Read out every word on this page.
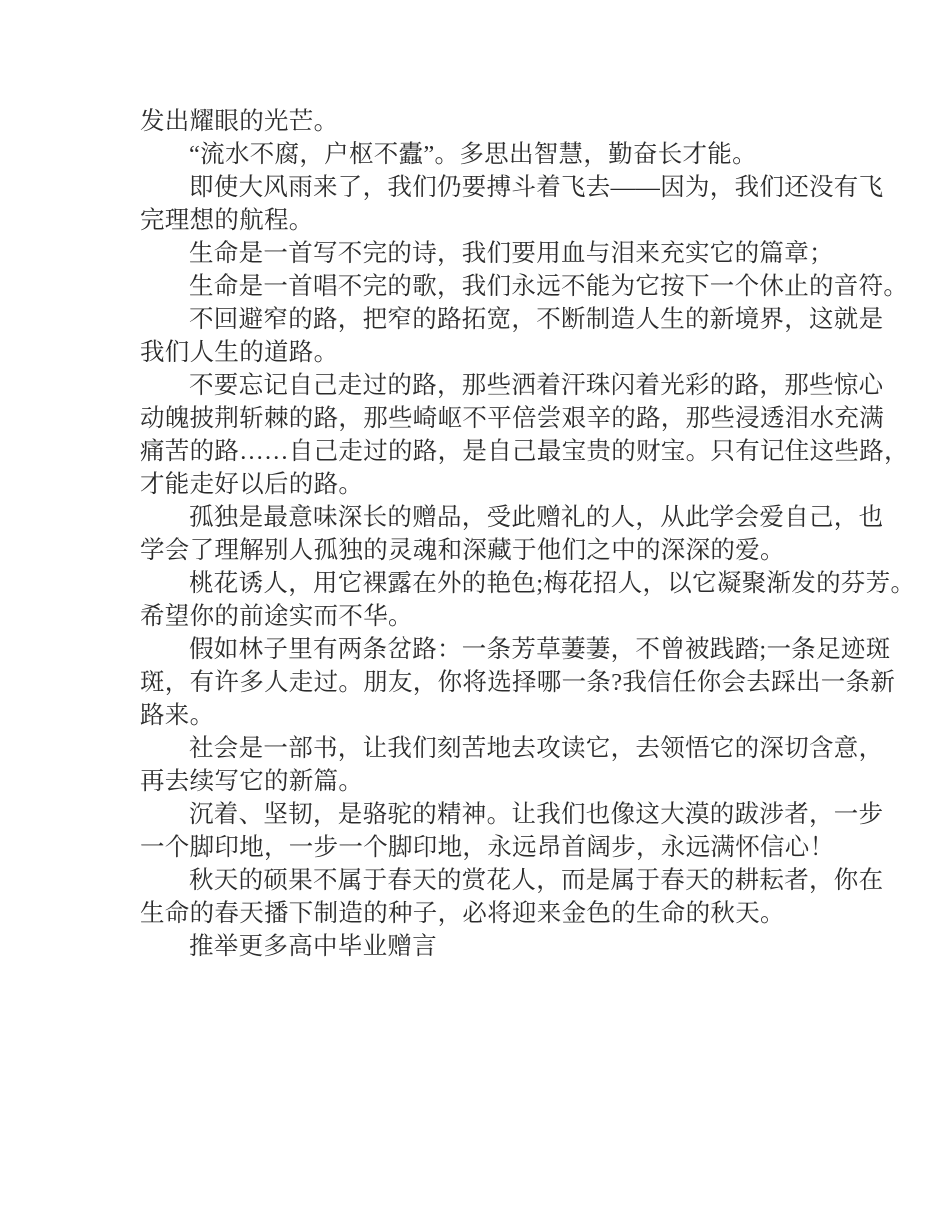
发出耀眼的光芒。
“流水不腐，户枢不蠹”。多思出智慧，勤奋长才能。
即使大风雨来了，我们仍要搏斗着飞去——因为，我们还没有飞
完理想的航程。
生命是一首写不完的诗，我们要用血与泪来充实它的篇章；
生命是一首唱不完的歌，我们永远不能为它按下一个休止的音符。
不回避窄的路，把窄的路拓宽，不断制造人生的新境界，这就是
我们人生的道路。
不要忘记自己走过的路，那些洒着汗珠闪着光彩的路，那些惊心
动魄披荆斩棘的路，那些崎岖不平倍尝艰辛的路，那些浸透泪水充满
痛苦的路……自己走过的路，是自己最宝贵的财宝。只有记住这些路，
才能走好以后的路。
孤独是最意味深长的赠品，受此赠礼的人，从此学会爱自己，也
学会了理解别人孤独的灵魂和深藏于他们之中的深深的爱。
桃花诱人，用它裸露在外的艳色;梅花招人，以它凝聚渐发的芬芳。
希望你的前途实而不华。
假如林子里有两条岔路：一条芳草萋萋，不曾被践踏;一条足迹斑
斑，有许多人走过。朋友，你将选择哪一条?我信任你会去踩出一条新
路来。
社会是一部书，让我们刻苦地去攻读它，去领悟它的深切含意，
再去续写它的新篇。
沉着、坚韧，是骆驼的精神。让我们也像这大漠的跋涉者，一步
一个脚印地，一步一个脚印地，永远昂首阔步，永远满怀信心！
秋天的硕果不属于春天的赏花人，而是属于春天的耕耘者，你在
生命的春天播下制造的种子，必将迎来金色的生命的秋天。
推举更多高中毕业赠言
